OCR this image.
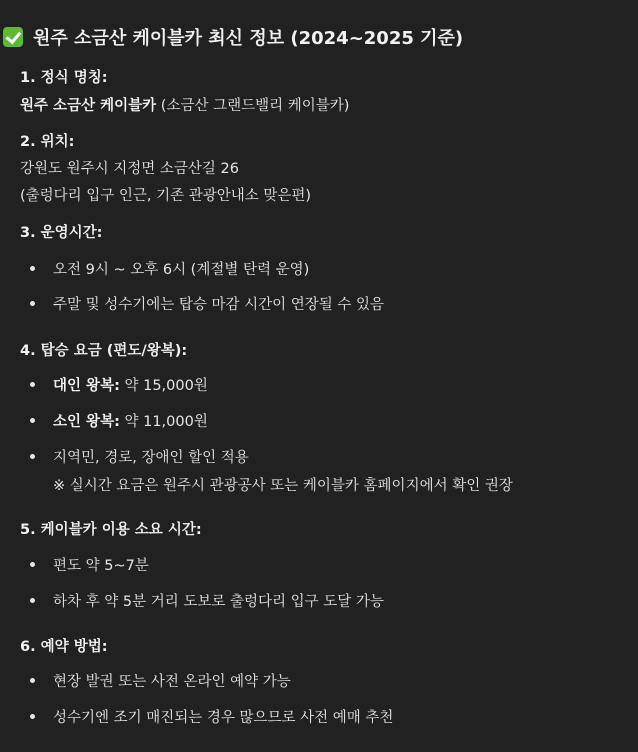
원주 소금산 케이블카 최신 정보 (2024~2025 기준)
1. 정식 명칭:
원주 소금산 케이블카 (소금산 그랜드밸리 케이블카)
2. 위치:
강원도 원주시 지정면 소금산길 26
(출렁다리 입구 인근, 기존 관광안내소 맞은편)
3. 운영시간:
오전 9시 ~ 오후 6시 (계절별 탄력 운영)
주말 및 성수기에는 탑승 마감 시간이 연장될 수 있음
4. 탑승 요금 (편도/왕복):
대인 왕복: 약 15,000원
소인 왕복: 약 11,000원
지역민, 경로, 장애인 할인 적용
※ 실시간 요금은 원주시 관광공사 또는 케이블카 홈페이지에서 확인 권장
5. 케이블카 이용 소요 시간:
편도 약 5~7분
하차 후 약 5분 거리 도보로 출렁다리 입구 도달 가능
6. 예약 방법:
현장 발권 또는 사전 온라인 예약 가능
성수기엔 조기 매진되는 경우 많으므로 사전 예매 추천
